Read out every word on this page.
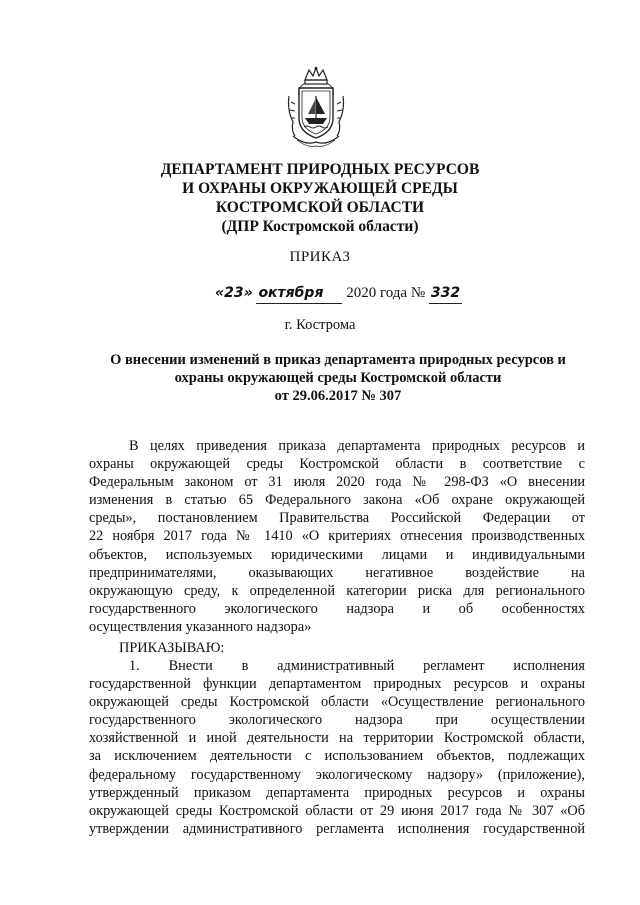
ДЕПАРТАМЕНТ ПРИРОДНЫХ РЕСУРСОВ
И ОХРАНЫ ОКРУЖАЮЩЕЙ СРЕДЫ
КОСТРОМСКОЙ ОБЛАСТИ
(ДПР Костромской области)
ПРИКАЗ
«23» октября 2020 года № 332
г. Кострома
О внесении изменений в приказ департамента природных ресурсов и
охраны окружающей среды Костромской области
от 29.06.2017 № 307
В целях приведения приказа департамента природных ресурсов и
охраны окружающей среды Костромской области в соответствие с
Федеральным законом от 31 июля 2020 года № 298-ФЗ «О внесении
изменения в статью 65 Федерального закона «Об охране окружающей
среды», постановлением Правительства Российской Федерации от
22 ноября 2017 года № 1410 «О критериях отнесения производственных
объектов, используемых юридическими лицами и индивидуальными
предпринимателями, оказывающих негативное воздействие на
окружающую среду, к определенной категории риска для регионального
государственного экологического надзора и об особенностях
осуществления указанного надзора»
ПРИКАЗЫВАЮ:
1. Внести в административный регламент исполнения
государственной функции департаментом природных ресурсов и охраны
окружающей среды Костромской области «Осуществление регионального
государственного экологического надзора при осуществлении
хозяйственной и иной деятельности на территории Костромской области,
за исключением деятельности с использованием объектов, подлежащих
федеральному государственному экологическому надзору» (приложение),
утвержденный приказом департамента природных ресурсов и охраны
окружающей среды Костромской области от 29 июня 2017 года № 307 «Об
утверждении административного регламента исполнения государственной
